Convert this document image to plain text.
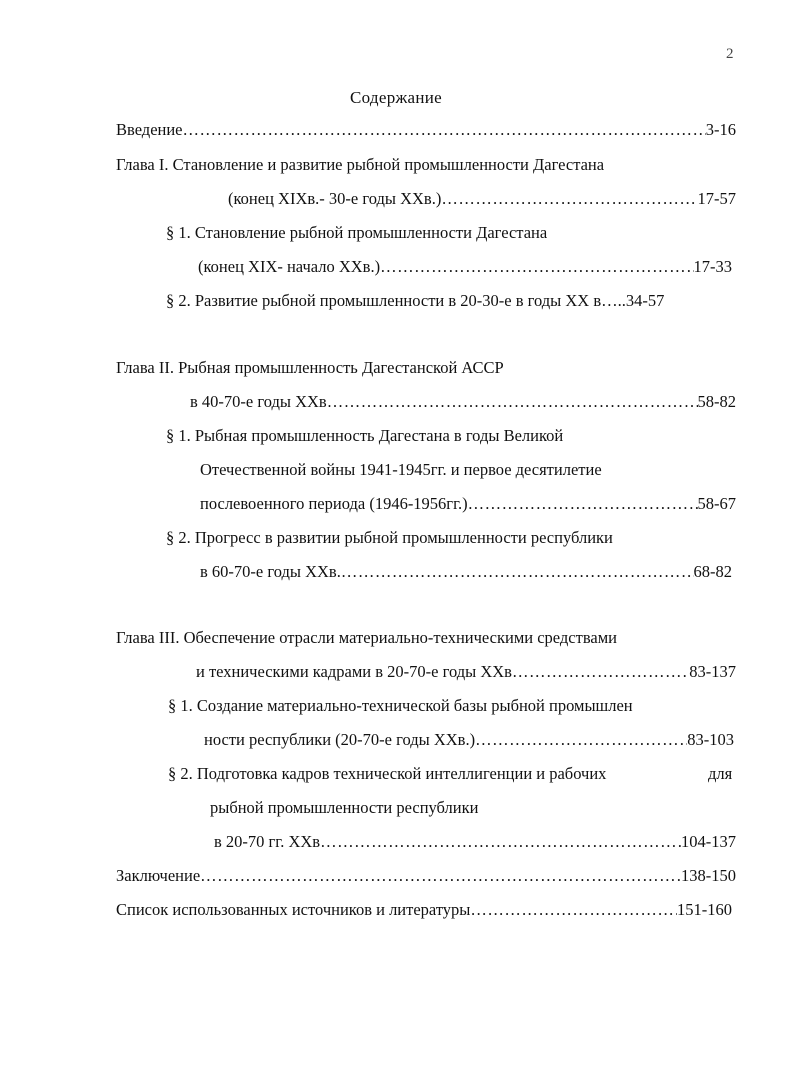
2
Содержание
Введение …………………………………………………………………………………………………………………………………………………………………………	3-16
Глава I. Становление и развитие рыбной промышленности Дагестана
(конец XIХв.- 30-е годы ХХв.) …………………………………………………………………………………………………………………………………………………………………………	17-57
§ 1. Становление рыбной промышленности Дагестана
(конец XIX- начало XXв.) …………………………………………………………………………………………………………………………………………………………………………	17-33
§ 2. Развитие рыбной промышленности в 20-30-е в годы ХХ в….. 34-57
Глава II. Рыбная промышленность Дагестанской АССР
в 40-70-е годы XXв …………………………………………………………………………………………………………………………………………………………………………	58-82
§ 1. Рыбная промышленность Дагестана в годы Великой
Отечественной войны 1941-1945гг. и первое десятилетие
послевоенного периода (1946-1956гг.) …………………………………………………………………………………………………………………………………………………………………………	58-67
§ 2. Прогресс в развитии рыбной промышленности республики
в 60-70-е годы ХХв. …………………………………………………………………………………………………………………………………………………………………………	68-82
Глава III. Обеспечение отрасли материально-техническими средствами
и техническими кадрами в 20-70-е годы ХХв …………………………………………………………………………………………………………………………………………………………………………	83-137
§ 1. Создание материально-технической базы рыбной промышлен
ности республики (20-70-е годы ХХв.) …………………………………………………………………………………………………………………………………………………………………………	83-103
§ 2. Подготовка кадров технической интеллигенции и рабочих	для
рыбной промышленности республики
в 20-70 гг. ХХв …………………………………………………………………………………………………………………………………………………………………………	104-137
Заключение …………………………………………………………………………………………………………………………………………………………………………	138-150
Список использованных источников и литературы …………………………………………………………………………………………………………………………………………………………………………	151-160
